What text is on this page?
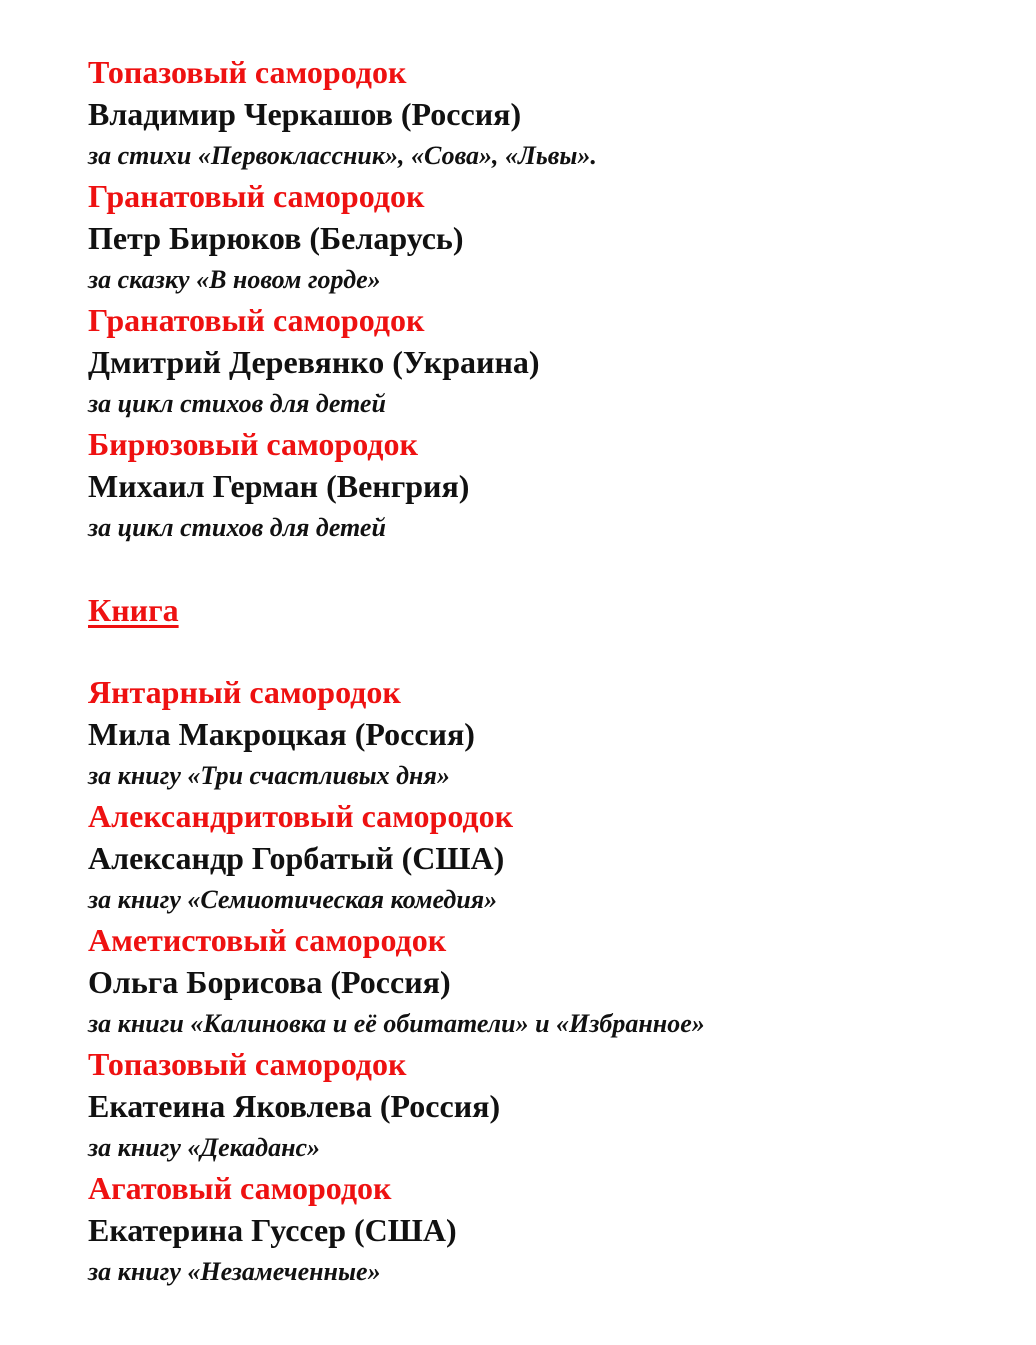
Топазовый самородок
Владимир Черкашов (Россия)
за стихи «Первоклассник», «Сова», «Львы».
Гранатовый самородок
Петр Бирюков (Беларусь)
за сказку «В новом горде»
Гранатовый самородок
Дмитрий Деревянко (Украина)
за цикл стихов для детей
Бирюзовый самородок
Михаил Герман (Венгрия)
за цикл стихов для детей
Книга
Янтарный самородок
Мила Макроцкая (Россия)
за книгу «Три счастливых дня»
Александритовый самородок
Александр Горбатый (США)
за книгу «Семиотическая комедия»
Аметистовый самородок
Ольга Борисова (Россия)
за книги «Калиновка и её обитатели» и «Избранное»
Топазовый самородок
Екатеина Яковлева (Россия)
за книгу «Декаданс»
Агатовый самородок
Екатерина Гуссер (США)
за книгу «Незамеченные»
